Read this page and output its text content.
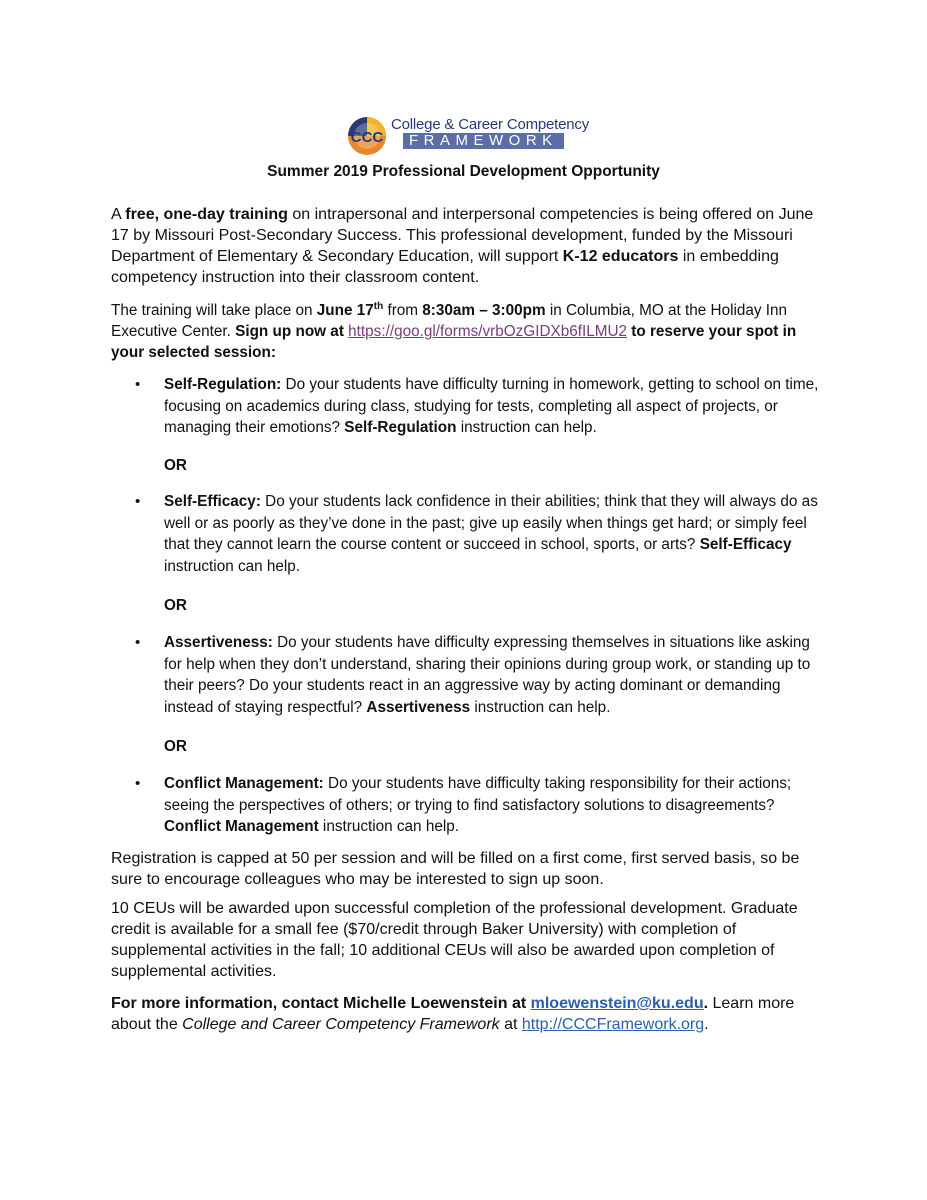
CCC
College & Career Competency
FRAMEWORK
Summer 2019 Professional Development Opportunity

A free, one-day training on intrapersonal and interpersonal competencies is being offered on June 17 by Missouri Post-Secondary Success. This professional development, funded by the Missouri Department of Elementary & Secondary Education, will support K-12 educators in embedding competency instruction into their classroom content.

The training will take place on June 17th from 8:30am – 3:00pm in Columbia, MO at the Holiday Inn Executive Center. Sign up now at https://goo.gl/forms/vrbOzGIDXb6fILMU2 to reserve your spot in your selected session:

• Self-Regulation: Do your students have difficulty turning in homework, getting to school on time, focusing on academics during class, studying for tests, completing all aspect of projects, or managing their emotions? Self-Regulation instruction can help.

OR
• Self-Efficacy: Do your students lack confidence in their abilities; think that they will always do as well or as poorly as they’ve done in the past; give up easily when things get hard; or simply feel that they cannot learn the course content or succeed in school, sports, or arts? Self-Efficacy instruction can help.

OR
• Assertiveness: Do your students have difficulty expressing themselves in situations like asking for help when they don’t understand, sharing their opinions during group work, or standing up to their peers? Do your students react in an aggressive way by acting dominant or demanding instead of staying respectful? Assertiveness instruction can help.

OR
• Conflict Management: Do your students have difficulty taking responsibility for their actions; seeing the perspectives of others; or trying to find satisfactory solutions to disagreements? Conflict Management instruction can help.

Registration is capped at 50 per session and will be filled on a first come, first served basis, so be sure to encourage colleagues who may be interested to sign up soon.

10 CEUs will be awarded upon successful completion of the professional development. Graduate credit is available for a small fee ($70/credit through Baker University) with completion of supplemental activities in the fall; 10 additional CEUs will also be awarded upon completion of supplemental activities.

For more information, contact Michelle Loewenstein at mloewenstein@ku.edu. Learn more about the College and Career Competency Framework at http://CCCFramework.org.
